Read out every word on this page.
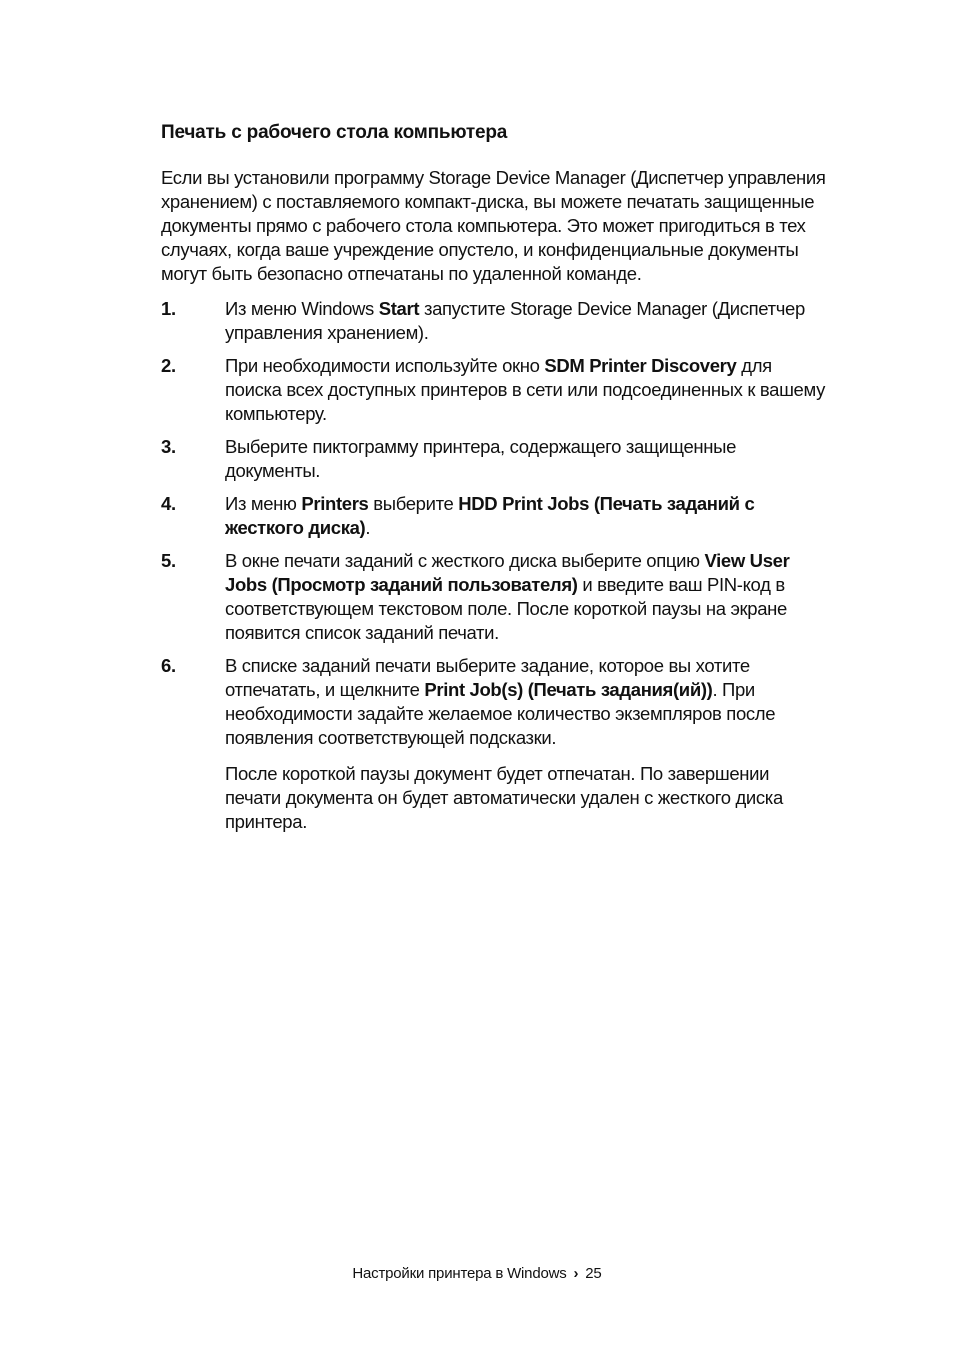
Печать с рабочего стола компьютера

Если вы установили программу Storage Device Manager (Диспетчер управления хранением) с поставляемого компакт-диска, вы можете печатать защищенные документы прямо с рабочего стола компьютера. Это может пригодиться в тех случаях, когда ваше учреждение опустело, и конфиденциальные документы могут быть безопасно отпечатаны по удаленной команде.

1.	Из меню Windows Start запустите Storage Device Manager (Диспетчер управления хранением).
2.	При необходимости используйте окно SDM Printer Discovery для поиска всех доступных принтеров в сети или подсоединенных к вашему компьютеру.
3.	Выберите пиктограмму принтера, содержащего защищенные документы.
4.	Из меню Printers выберите HDD Print Jobs (Печать заданий с жесткого диска).
5.	В окне печати заданий с жесткого диска выберите опцию View User Jobs (Просмотр заданий пользователя) и введите ваш PIN-код в соответствующем текстовом поле. После короткой паузы на экране появится список заданий печати.
6.	В списке заданий печати выберите задание, которое вы хотите отпечатать, и щелкните Print Job(s) (Печать задания(ий)). При необходимости задайте желаемое количество экземпляров после появления соответствующей подсказки.
После короткой паузы документ будет отпечатан. По завершении печати документа он будет автоматически удален с жесткого диска принтера.
Настройки принтера в Windows › 25
